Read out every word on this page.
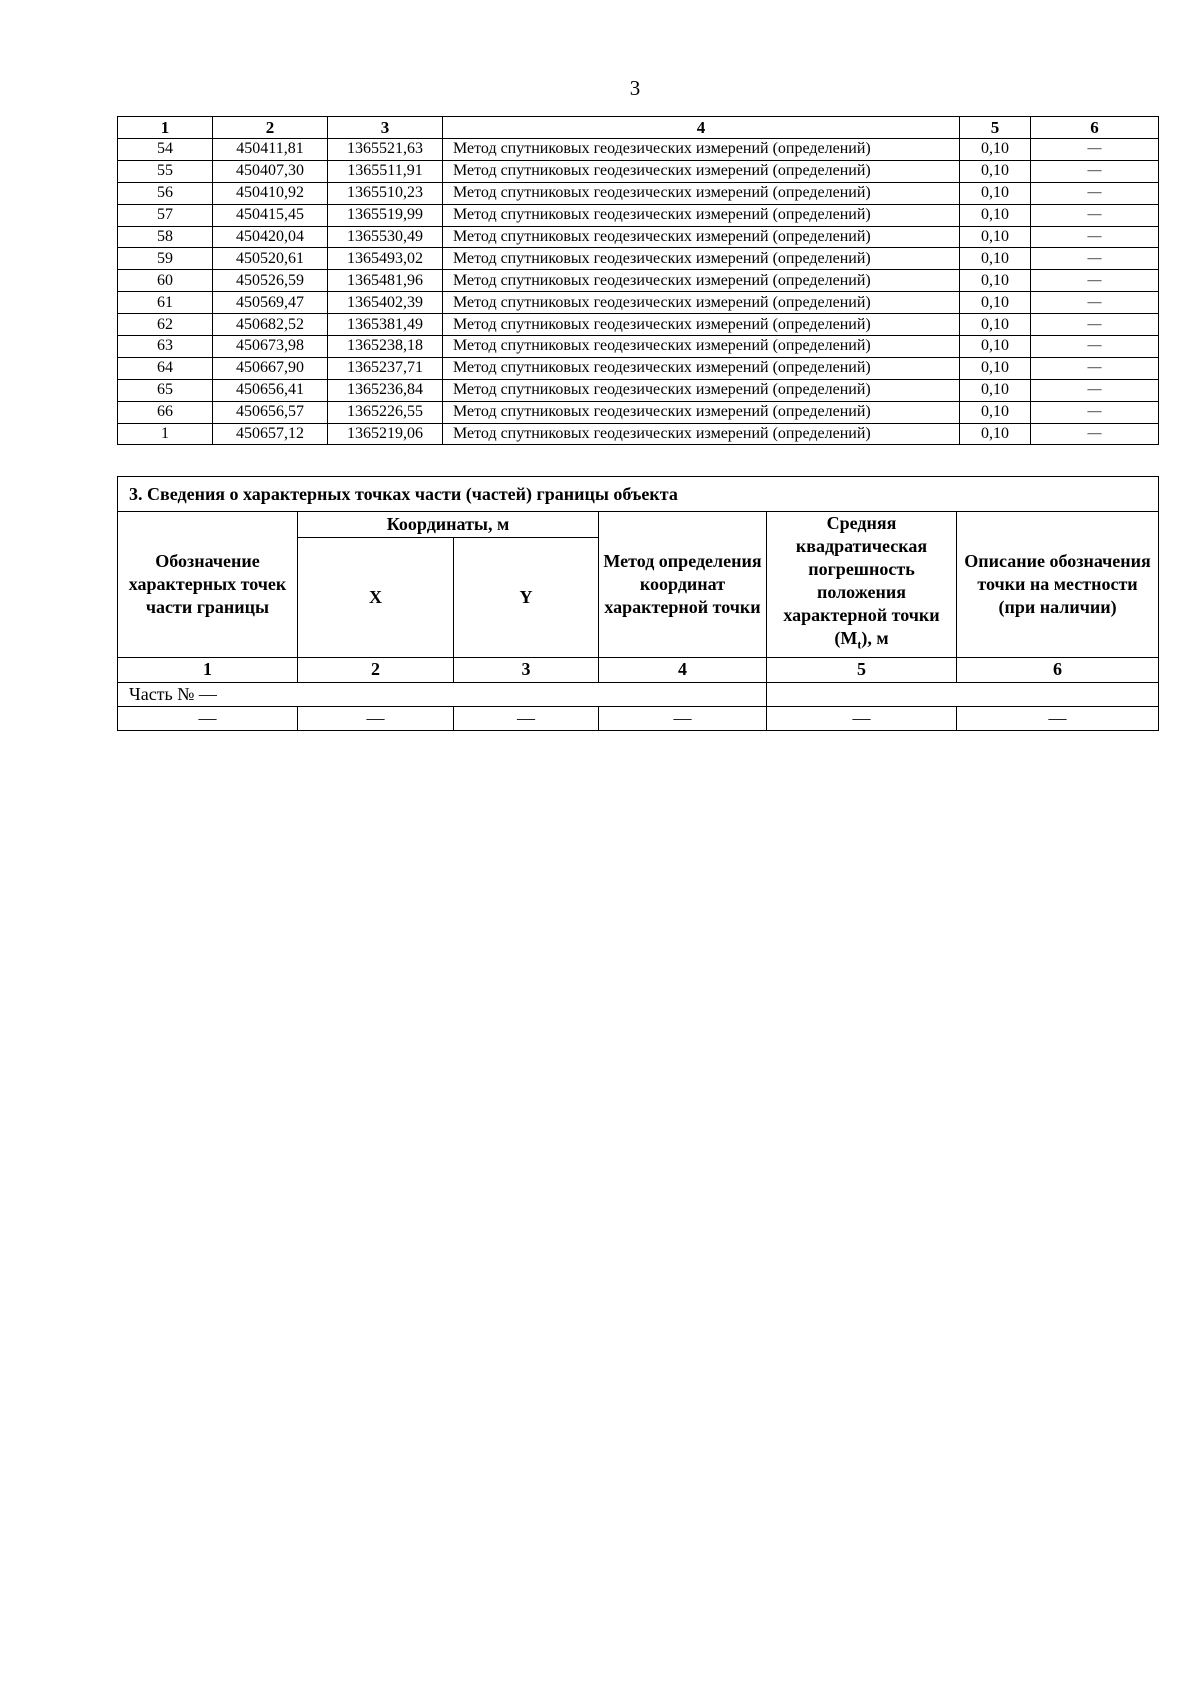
3
1	2	3	4	5	6
54	450411,81	1365521,63	Метод спутниковых геодезических измерений (определений)	0,10	—
55	450407,30	1365511,91	Метод спутниковых геодезических измерений (определений)	0,10	—
56	450410,92	1365510,23	Метод спутниковых геодезических измерений (определений)	0,10	—
57	450415,45	1365519,99	Метод спутниковых геодезических измерений (определений)	0,10	—
58	450420,04	1365530,49	Метод спутниковых геодезических измерений (определений)	0,10	—
59	450520,61	1365493,02	Метод спутниковых геодезических измерений (определений)	0,10	—
60	450526,59	1365481,96	Метод спутниковых геодезических измерений (определений)	0,10	—
61	450569,47	1365402,39	Метод спутниковых геодезических измерений (определений)	0,10	—
62	450682,52	1365381,49	Метод спутниковых геодезических измерений (определений)	0,10	—
63	450673,98	1365238,18	Метод спутниковых геодезических измерений (определений)	0,10	—
64	450667,90	1365237,71	Метод спутниковых геодезических измерений (определений)	0,10	—
65	450656,41	1365236,84	Метод спутниковых геодезических измерений (определений)	0,10	—
66	450656,57	1365226,55	Метод спутниковых геодезических измерений (определений)	0,10	—
1	450657,12	1365219,06	Метод спутниковых геодезических измерений (определений)	0,10	—
3. Сведения о характерных точках части (частей) границы объекта					
Обозначение характерных точек части границы	Координаты, м		Метод определения координат характерной точки	Средняя квадратическая погрешность положения характерной точки $(M_t)$, м	Описание обозначения точки на местности (при наличии)
	X	Y			
1	2	3	4	5	6
Часть № —					
—	—	—	—	—	—
